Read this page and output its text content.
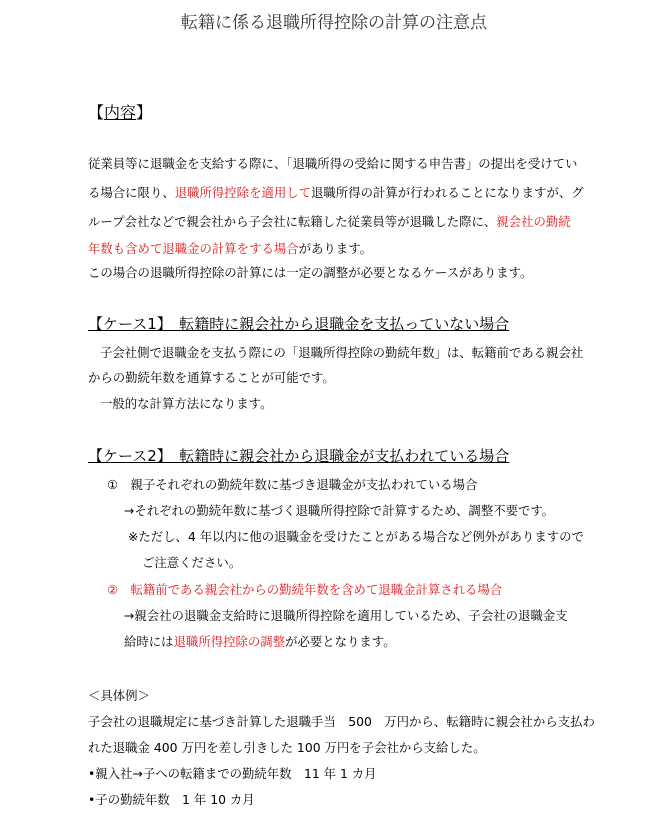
転籍に係る退職所得控除の計算の注意点
【内容】
従業員等に退職金を支給する際に、「退職所得の受給に関する申告書」の提出を受けてい
る場合に限り、退職所得控除を適用して退職所得の計算が行われることになりますが、グ
ループ会社などで親会社から子会社に転籍した従業員等が退職した際に、親会社の勤続
年数も含めて退職金の計算をする場合があります。
この場合の退職所得控除の計算には一定の調整が必要となるケースがあります。
【ケース1】　転籍時に親会社から退職金を支払っていない場合
子会社側で退職金を支払う際にの「退職所得控除の勤続年数」は、転籍前である親会社
からの勤続年数を通算することが可能です。
一般的な計算方法になります。
【ケース2】　転籍時に親会社から退職金が支払われている場合
①　親子それぞれの勤続年数に基づき退職金が支払われている場合
→それぞれの勤続年数に基づく退職所得控除で計算するため、調整不要です。
※ただし、4 年以内に他の退職金を受けたことがある場合など例外がありますので
ご注意ください。
②　転籍前である親会社からの勤続年数を含めて退職金計算される場合
→親会社の退職金支給時に退職所得控除を適用しているため、子会社の退職金支
給時には退職所得控除の調整が必要となります。
＜具体例＞
子会社の退職規定に基づき計算した退職手当　500　万円から、転籍時に親会社から支払わ
れた退職金 400 万円を差し引きした 100 万円を子会社から支給した。
•親入社→子への転籍までの勤続年数　11 年 1 カ月
•子の勤続年数　1 年 10 カ月
